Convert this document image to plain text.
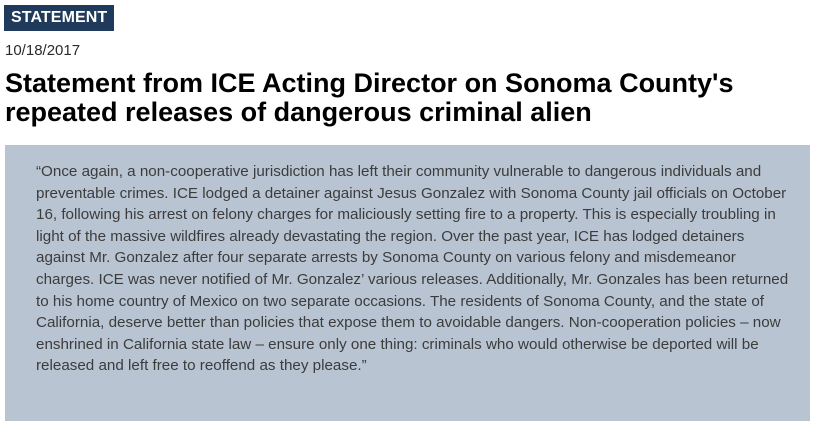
STATEMENT
10/18/2017
Statement from ICE Acting Director on Sonoma County's repeated releases of dangerous criminal alien

“Once again, a non-cooperative jurisdiction has left their community vulnerable to dangerous individuals and preventable crimes. ICE lodged a detainer against Jesus Gonzalez with Sonoma County jail officials on October 16, following his arrest on felony charges for maliciously setting fire to a property. This is especially troubling in light of the massive wildfires already devastating the region. Over the past year, ICE has lodged detainers against Mr. Gonzalez after four separate arrests by Sonoma County on various felony and misdemeanor charges. ICE was never notified of Mr. Gonzalez’ various releases. Additionally, Mr. Gonzales has been returned to his home country of Mexico on two separate occasions. The residents of Sonoma County, and the state of California, deserve better than policies that expose them to avoidable dangers. Non-cooperation policies – now enshrined in California state law – ensure only one thing: criminals who would otherwise be deported will be released and left free to reoffend as they please.”
